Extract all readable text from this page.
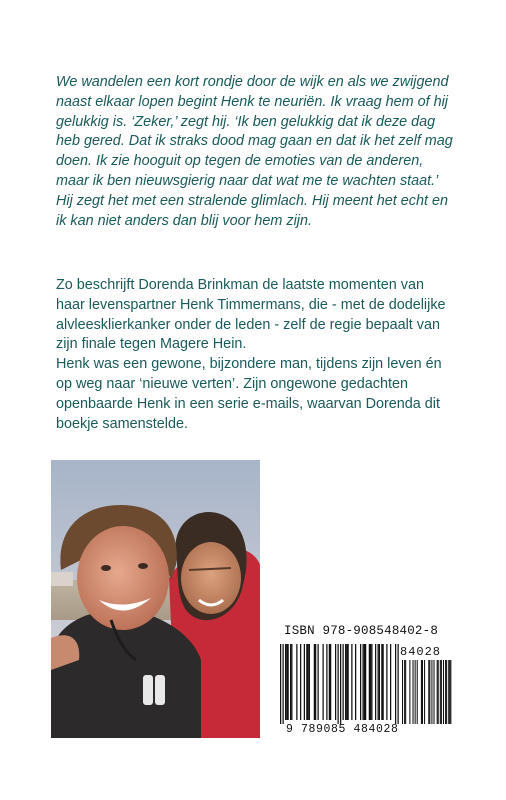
We wandelen een kort rondje door de wijk en als we zwijgend
naast elkaar lopen begint Henk te neuriën. Ik vraag hem of hij
gelukkig is. ‘Zeker,’ zegt hij. ‘Ik ben gelukkig dat ik deze dag
heb gered. Dat ik straks dood mag gaan en dat ik het zelf mag
doen. Ik zie hooguit op tegen de emoties van de anderen,
maar ik ben nieuwsgierig naar dat wat me te wachten staat.’
Hij zegt het met een stralende glimlach. Hij meent het echt en
ik kan niet anders dan blij voor hem zijn.
Zo beschrijft Dorenda Brinkman de laatste momenten van
haar levenspartner Henk Timmermans, die - met de dodelijke
alvleesklierkanker onder de leden - zelf de regie bepaalt van
zijn finale tegen Magere Hein.
Henk was een gewone, bijzondere man, tijdens zijn leven én
op weg naar ‘nieuwe verten’. Zijn ongewone gedachten
openbaarde Henk in een serie e-mails, waarvan Dorenda dit
boekje samenstelde.
ISBN 978-908548402-8
84028
9 789085 484028
